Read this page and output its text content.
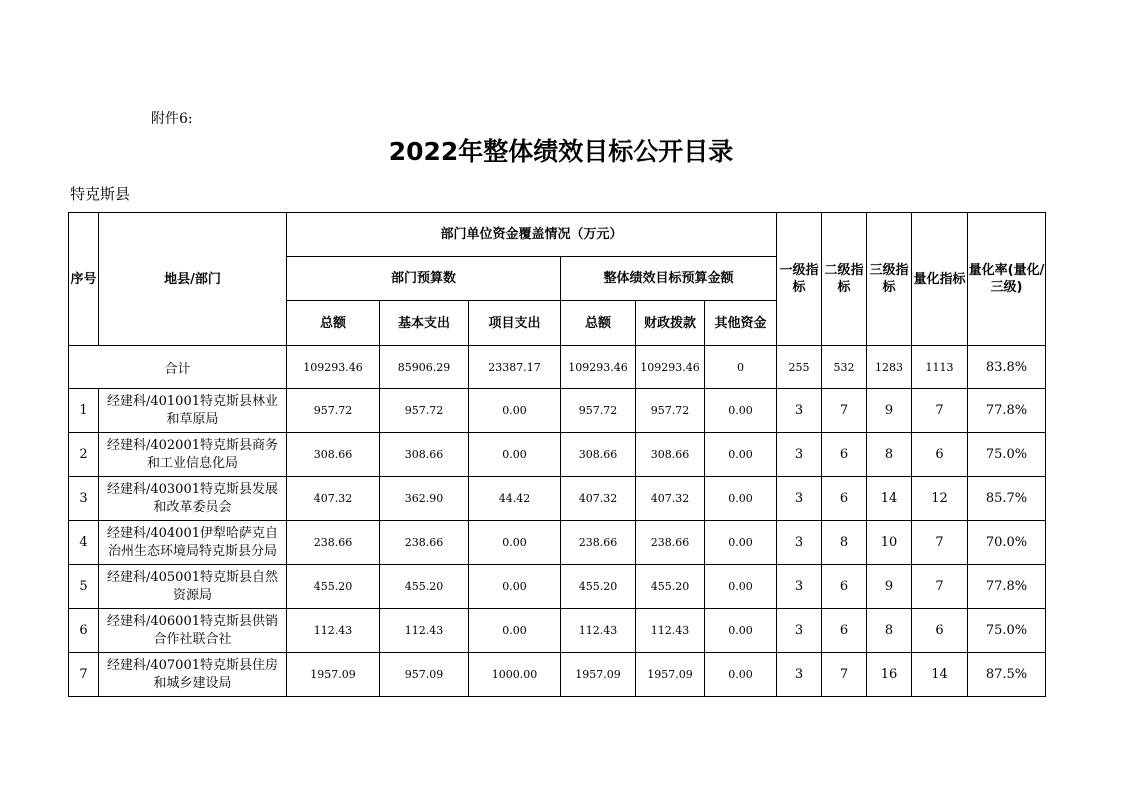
附件6:
2022年整体绩效目标公开目录
特克斯县
序号	地县/部门	部门单位资金覆盖情况（万元）						一级指标	二级指标	三级指标	量化指标	量化率(量化/三级)
		部门预算数			整体绩效目标预算金额							
		总额	基本支出	项目支出	总额	财政拨款	其他资金					
合计		109293.46	85906.29	23387.17	109293.46	109293.46	0	255	532	1283	1113	83.8%
1	经建科/401001特克斯县林业和草原局	957.72	957.72	0.00	957.72	957.72	0.00	3	7	9	7	77.8%
2	经建科/402001特克斯县商务和工业信息化局	308.66	308.66	0.00	308.66	308.66	0.00	3	6	8	6	75.0%
3	经建科/403001特克斯县发展和改革委员会	407.32	362.90	44.42	407.32	407.32	0.00	3	6	14	12	85.7%
4	经建科/404001伊犁哈萨克自治州生态环境局特克斯县分局	238.66	238.66	0.00	238.66	238.66	0.00	3	8	10	7	70.0%
5	经建科/405001特克斯县自然资源局	455.20	455.20	0.00	455.20	455.20	0.00	3	6	9	7	77.8%
6	经建科/406001特克斯县供销合作社联合社	112.43	112.43	0.00	112.43	112.43	0.00	3	6	8	6	75.0%
7	经建科/407001特克斯县住房和城乡建设局	1957.09	957.09	1000.00	1957.09	1957.09	0.00	3	7	16	14	87.5%
